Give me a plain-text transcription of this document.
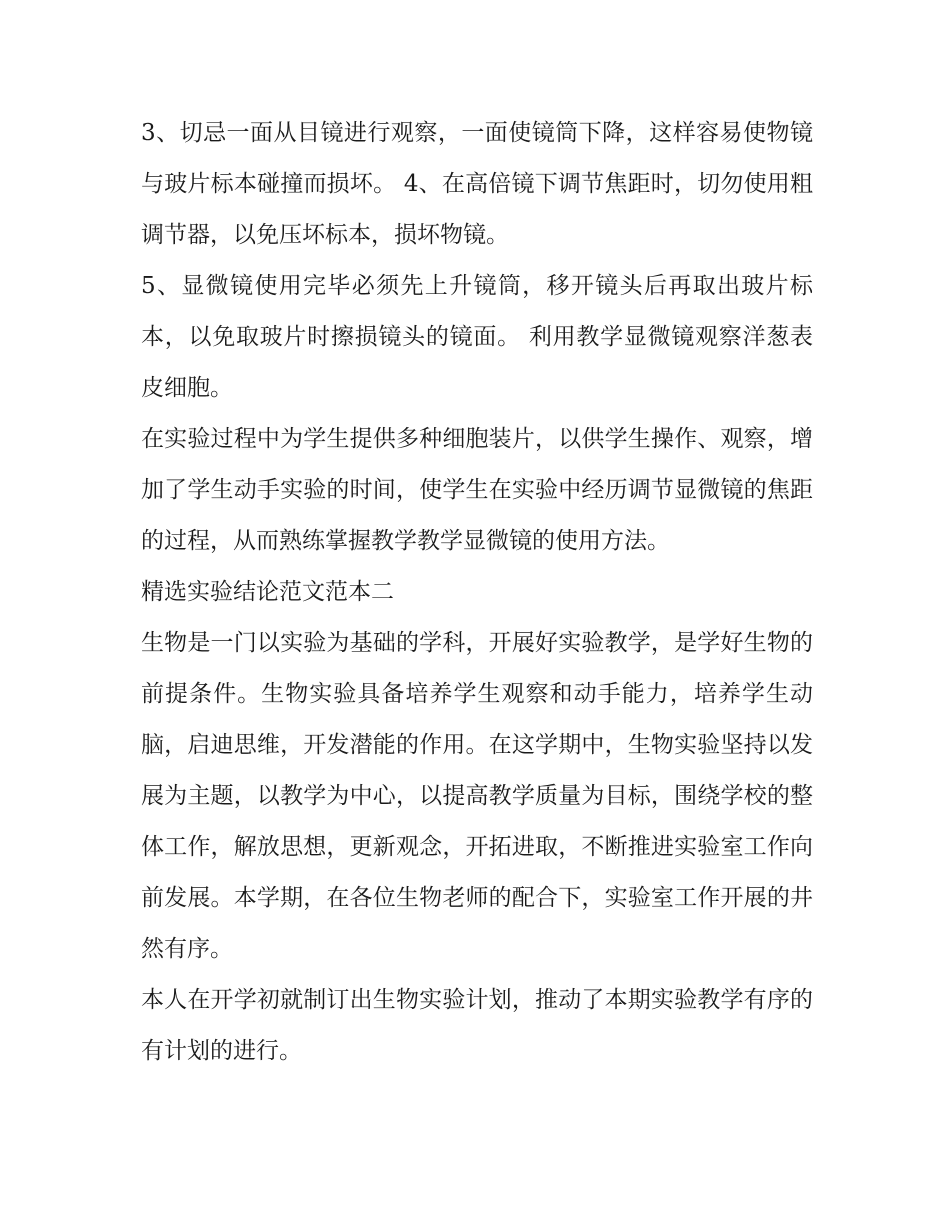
3、切忌一面从目镜进行观察，一面使镜筒下降，这样容易使物镜与玻片标本碰撞而损坏。 4、在高倍镜下调节焦距时，切勿使用粗调节器，以免压坏标本，损坏物镜。

5、显微镜使用完毕必须先上升镜筒，移开镜头后再取出玻片标本，以免取玻片时擦损镜头的镜面。 利用教学显微镜观察洋葱表皮细胞。

在实验过程中为学生提供多种细胞装片，以供学生操作、观察，增加了学生动手实验的时间，使学生在实验中经历调节显微镜的焦距的过程，从而熟练掌握教学教学显微镜的使用方法。

精选实验结论范文范本二

生物是一门以实验为基础的学科，开展好实验教学，是学好生物的前提条件。生物实验具备培养学生观察和动手能力，培养学生动脑，启迪思维，开发潜能的作用。在这学期中，生物实验坚持以发展为主题，以教学为中心，以提高教学质量为目标，围绕学校的整体工作，解放思想，更新观念，开拓进取，不断推进实验室工作向前发展。本学期，在各位生物老师的配合下，实验室工作开展的井然有序。

本人在开学初就制订出生物实验计划，推动了本期实验教学有序的有计划的进行。
